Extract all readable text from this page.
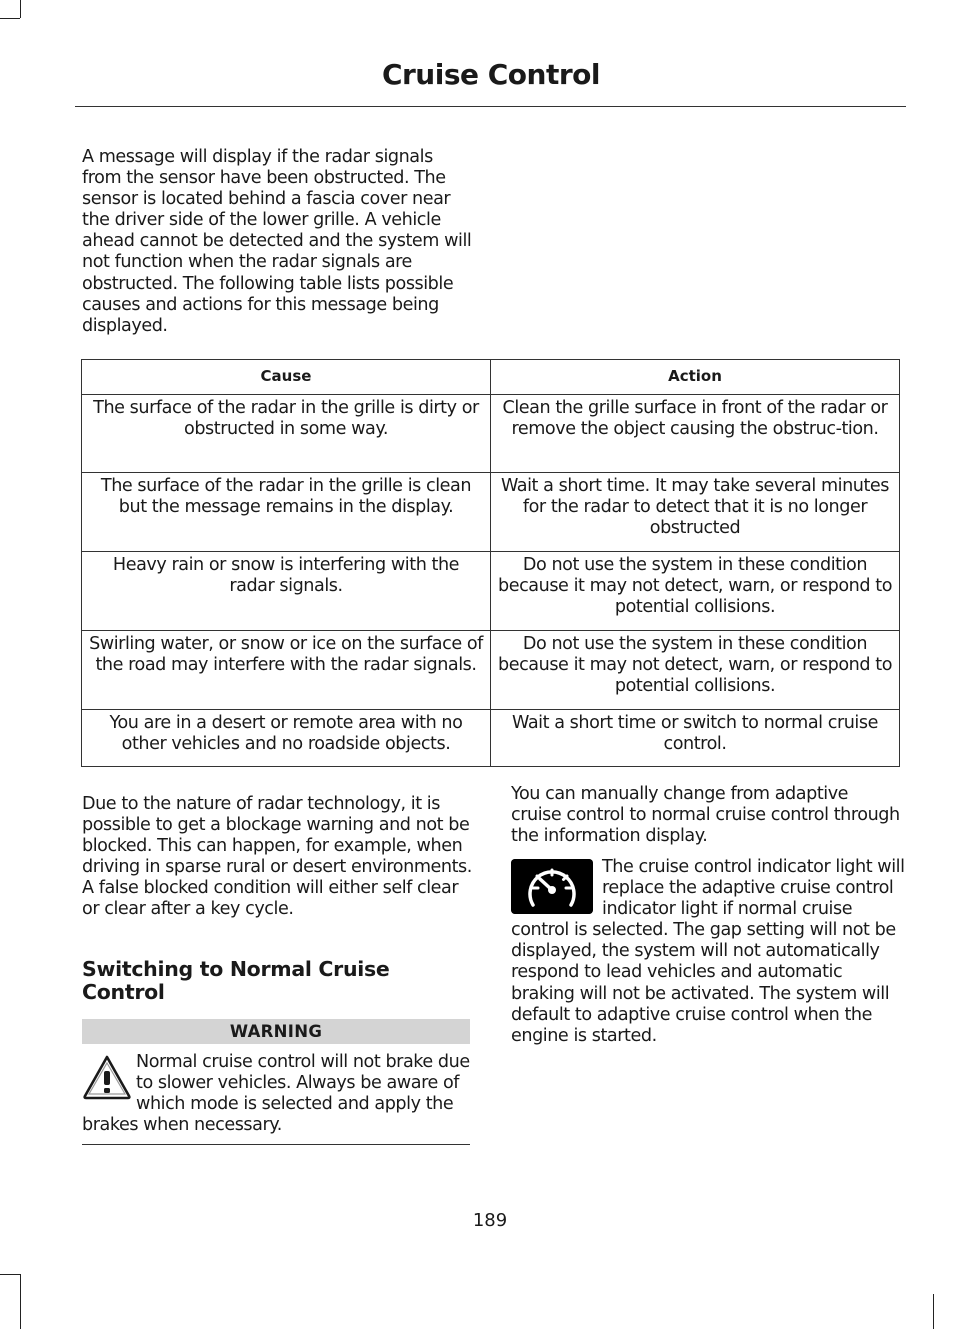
Cruise Control

A message will display if the radar signals from the sensor have been obstructed. The sensor is located behind a fascia cover near the driver side of the lower grille. A vehicle ahead cannot be detected and the system will not function when the radar signals are obstructed. The following table lists possible causes and actions for this message being displayed.

Cause	Action
The surface of the radar in the grille is dirty or obstructed in some way.	Clean the grille surface in front of the radar or remove the object causing the obstruc-tion.
The surface of the radar in the grille is clean but the message remains in the display.	Wait a short time. It may take several minutes for the radar to detect that it is no longer obstructed
Heavy rain or snow is interfering with the radar signals.	Do not use the system in these condition because it may not detect, warn, or respond to potential collisions.
Swirling water, or snow or ice on the surface of the road may interfere with the radar signals.	Do not use the system in these condition because it may not detect, warn, or respond to potential collisions.
You are in a desert or remote area with no other vehicles and no roadside objects.	Wait a short time or switch to normal cruise control.

Due to the nature of radar technology, it is possible to get a blockage warning and not be blocked. This can happen, for example, when driving in sparse rural or desert environments. A false blocked condition will either self clear or clear after a key cycle.

Switching to Normal Cruise Control
WARNING
Normal cruise control will not brake due to slower vehicles. Always be aware of which mode is selected and apply the brakes when necessary.

You can manually change from adaptive cruise control to normal cruise control through the information display.

The cruise control indicator light will replace the adaptive cruise control indicator light if normal cruise control is selected. The gap setting will not be displayed, the system will not automatically respond to lead vehicles and automatic braking will not be activated. The system will default to adaptive cruise control when the engine is started.
189
